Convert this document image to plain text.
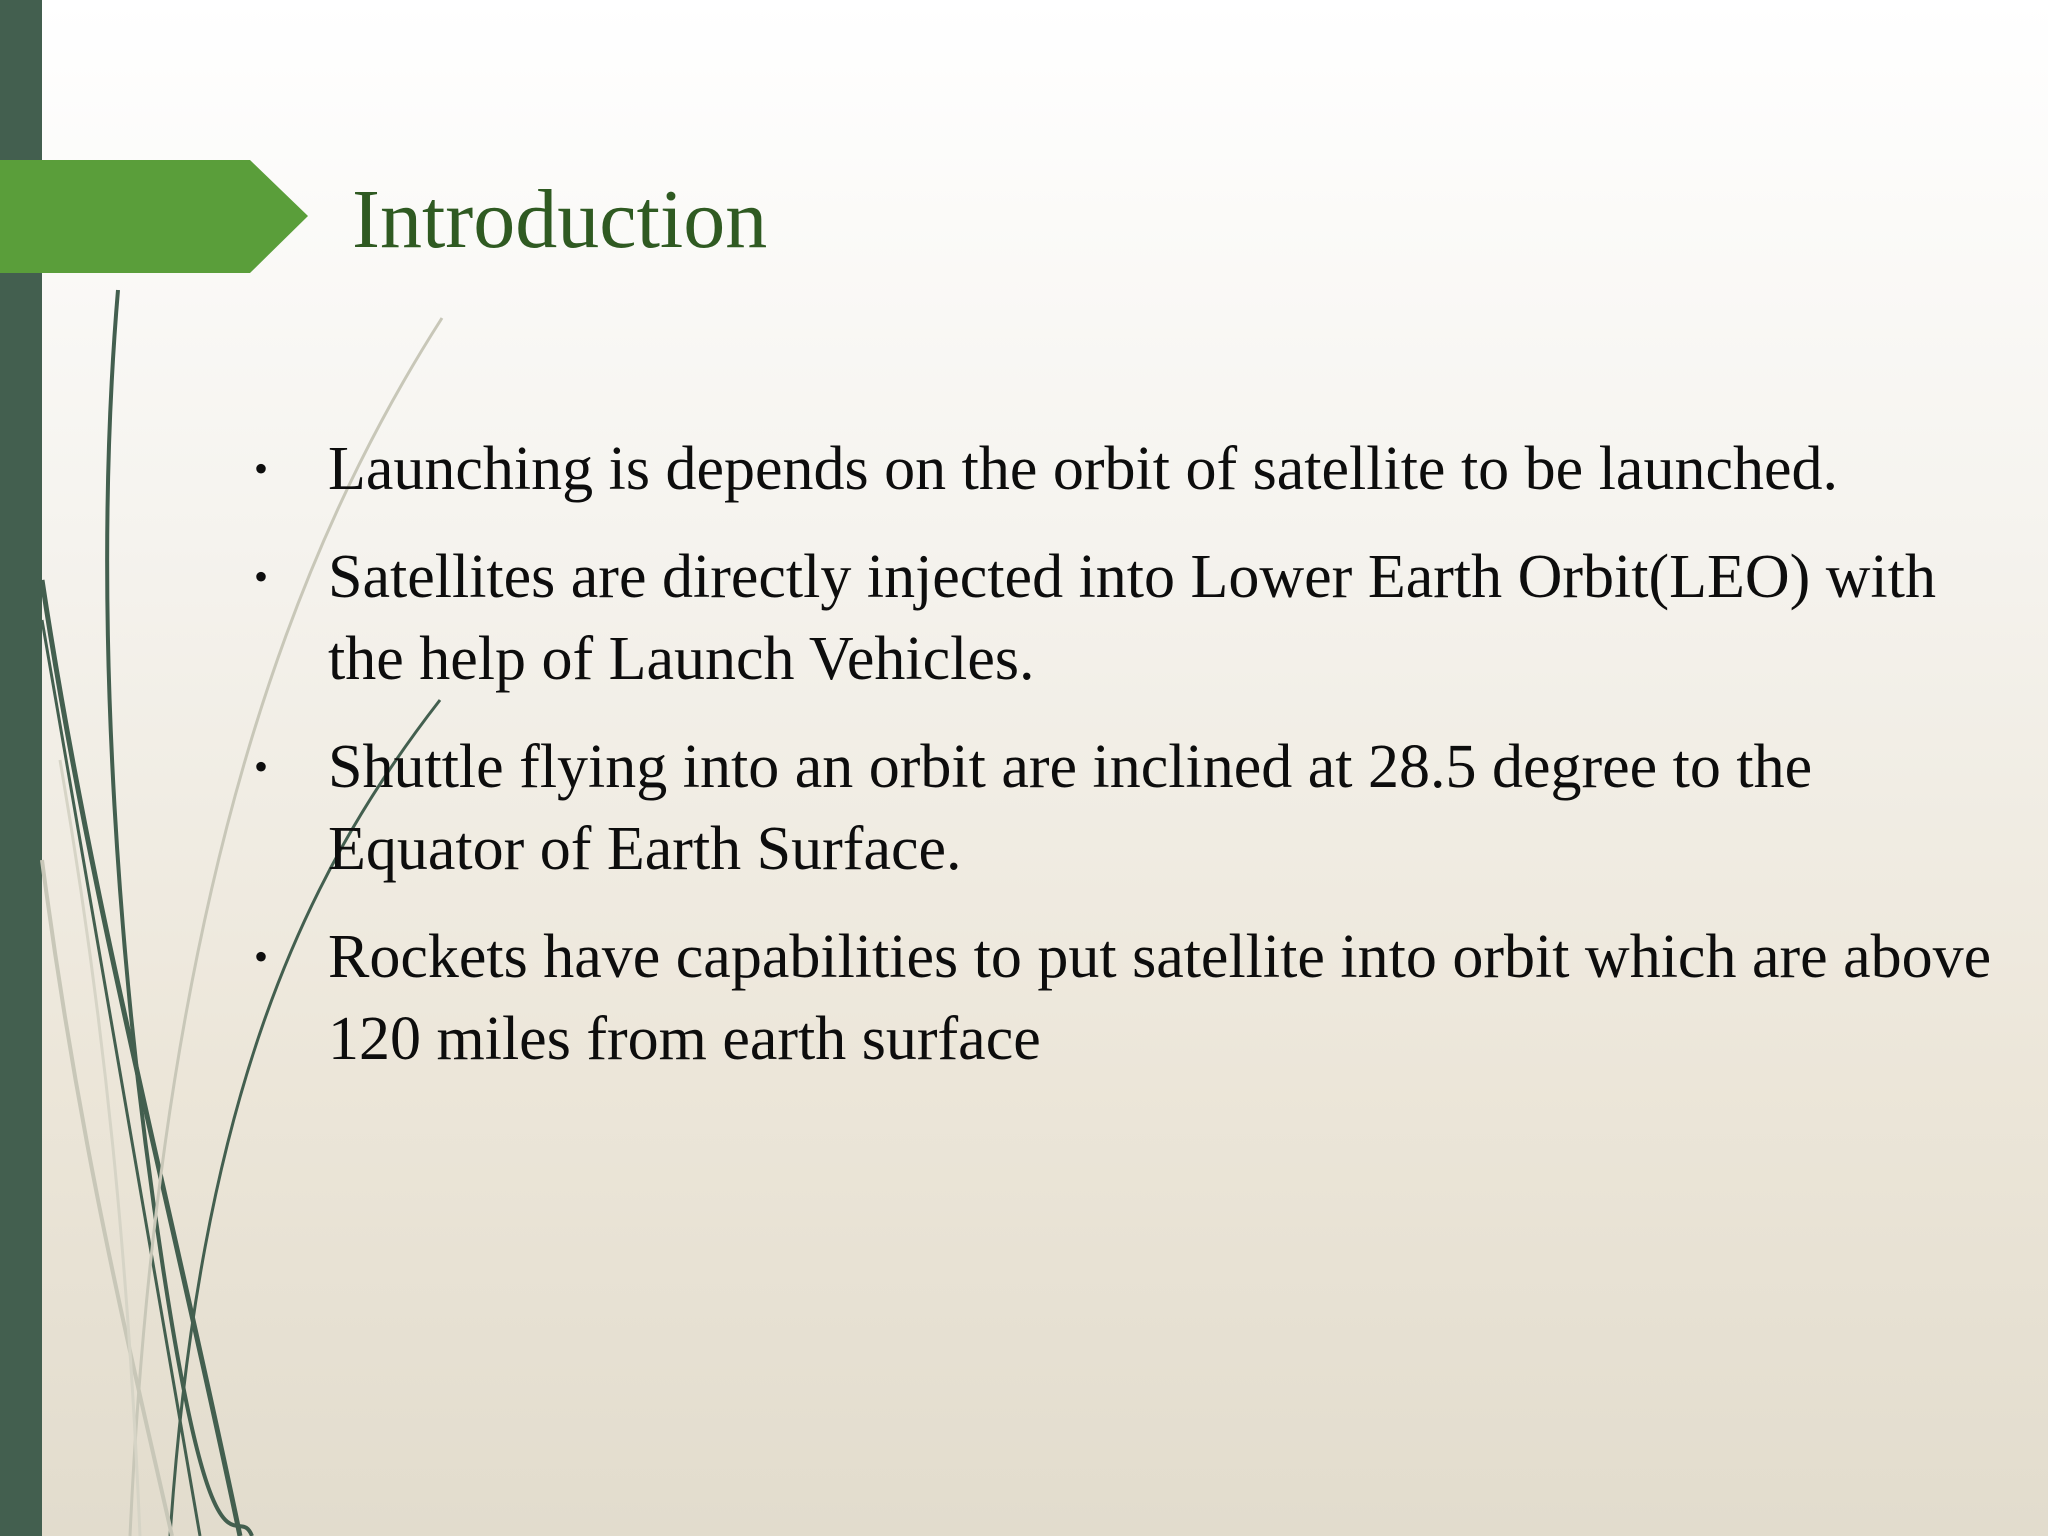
Introduction
• Launching is depends on the orbit of satellite to be launched.
• Satellites are directly injected into Lower Earth Orbit(LEO) with the help of Launch Vehicles.
• Shuttle flying into an orbit are inclined at 28.5 degree to the Equator of Earth Surface.
• Rockets have capabilities to put satellite into orbit which are above 120 miles from earth surface
